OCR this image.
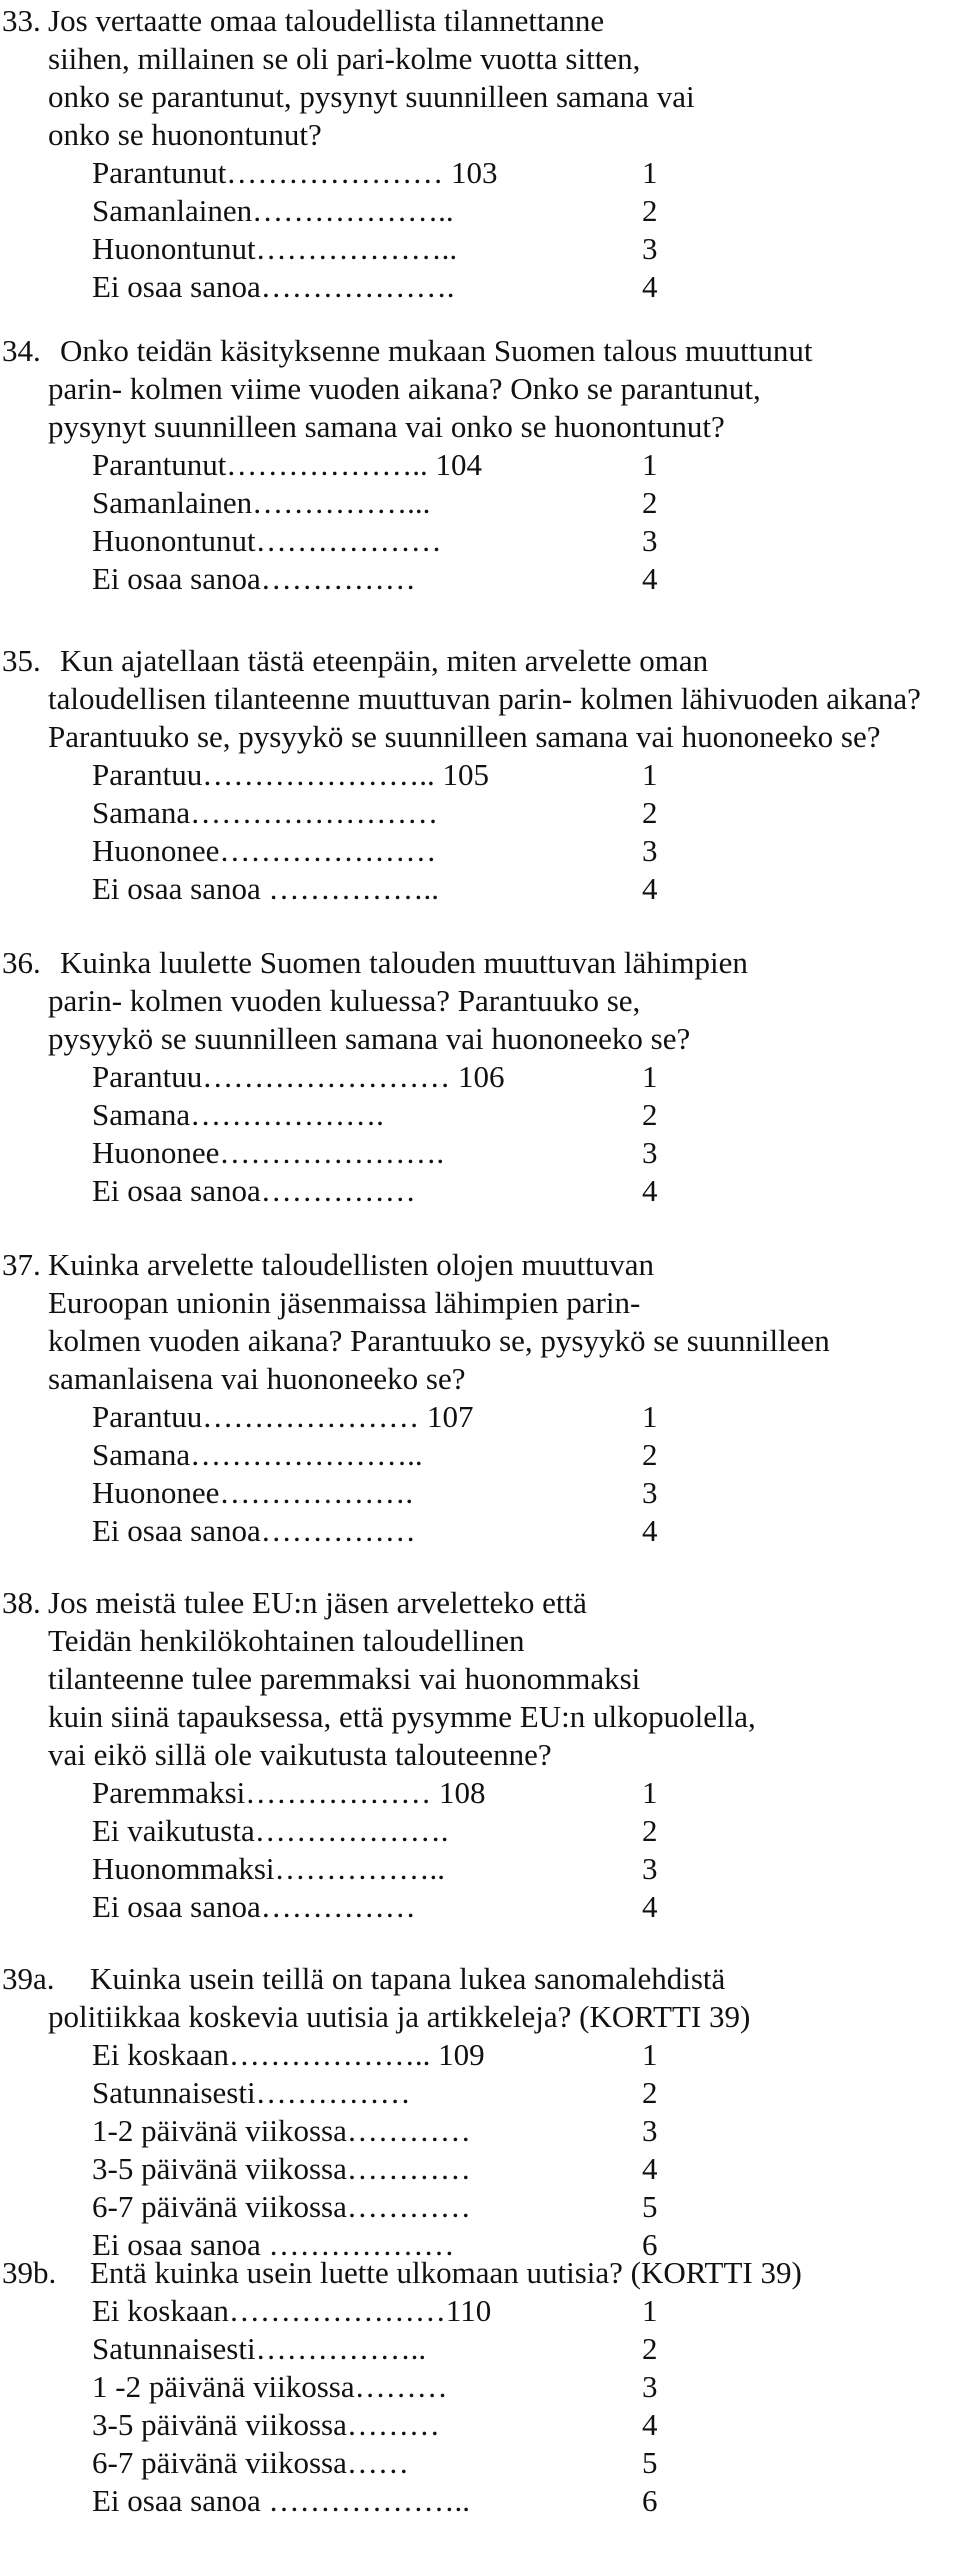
33. Jos vertaatte omaa taloudellista tilannettanne
siihen, millainen se oli pari-kolme vuotta sitten,
onko se parantunut, pysynyt suunnilleen samana vai
onko se huonontunut?
Parantunut………………… 103	1
Samanlainen………………..	2
Huonontunut………………..	3
Ei osaa sanoa……………….	4
34. Onko teidän käsityksenne mukaan Suomen talous muuttunut
parin- kolmen viime vuoden aikana? Onko se parantunut,
pysynyt suunnilleen samana vai onko se huonontunut?
Parantunut……………….. 104	1
Samanlainen……………...	2
Huonontunut………………	3
Ei osaa sanoa……………	4
35. Kun ajatellaan tästä eteenpäin, miten arvelette oman
taloudellisen tilanteenne muuttuvan parin- kolmen lähivuoden aikana?
Parantuuko se, pysyykö se suunnilleen samana vai huononeeko se?
Parantuu………………….. 105	1
Samana……………………	2
Huononee…………………	3
Ei osaa sanoa ……………..	4
36. Kuinka luulette Suomen talouden muuttuvan lähimpien
parin- kolmen vuoden kuluessa? Parantuuko se,
pysyykö se suunnilleen samana vai huononeeko se?
Parantuu…………………… 106	1
Samana……………….	2
Huononee………………….	3
Ei osaa sanoa……………	4
37. Kuinka arvelette taloudellisten olojen muuttuvan
Euroopan unionin jäsenmaissa lähimpien parin-
kolmen vuoden aikana? Parantuuko se, pysyykö se suunnilleen
samanlaisena vai huononeeko se?
Parantuu………………… 107	1
Samana…………………..	2
Huononee……………….	3
Ei osaa sanoa……………	4
38. Jos meistä tulee EU:n jäsen arveletteko että
Teidän henkilökohtainen taloudellinen
tilanteenne tulee paremmaksi vai huonommaksi
kuin siinä tapauksessa, että pysymme EU:n ulkopuolella,
vai eikö sillä ole vaikutusta talouteenne?
Paremmaksi……………… 108	1
Ei vaikutusta……………….	2
Huonommaksi……………..	3
Ei osaa sanoa……………	4
39a. Kuinka usein teillä on tapana lukea sanomalehdistä
politiikkaa koskevia uutisia ja artikkeleja? (KORTTI 39)
Ei koskaan……………….. 109	1
Satunnaisesti……………	2
1-2 päivänä viikossa…………	3
3-5 päivänä viikossa…………	4
6-7 päivänä viikossa…………	5
Ei osaa sanoa ………………	6
39b. Entä kuinka usein luette ulkomaan uutisia? (KORTTI 39)
Ei koskaan…………………110	1
Satunnaisesti……………..	2
1 -2 päivänä viikossa………	3
3-5 päivänä viikossa………	4
6-7 päivänä viikossa……	5
Ei osaa sanoa ………………..	6
